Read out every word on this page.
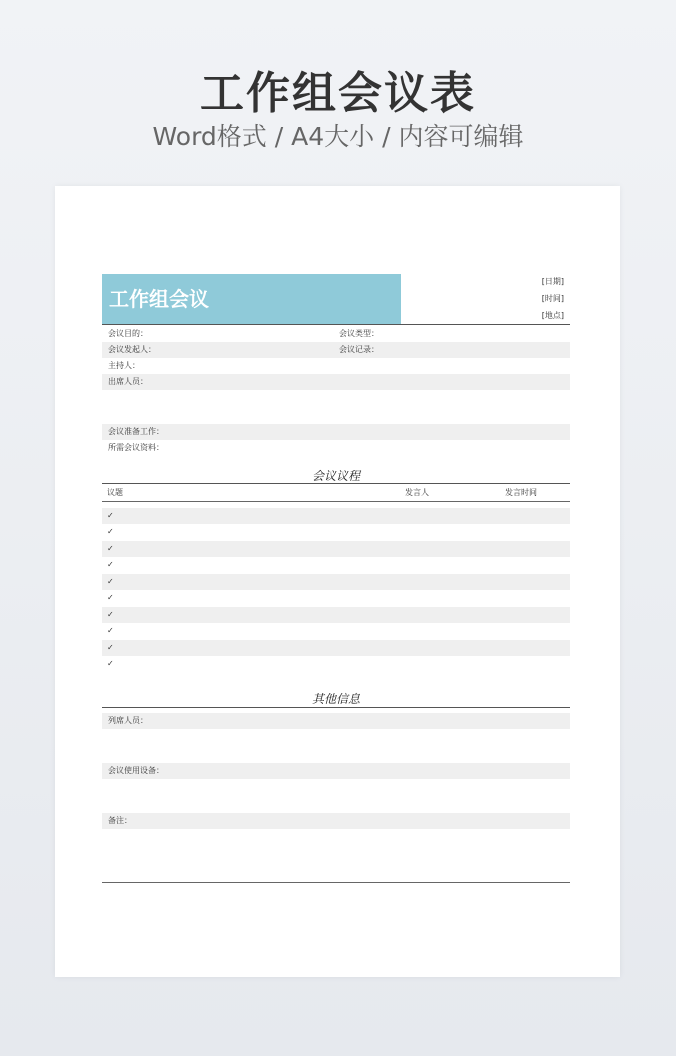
工作组会议表
Word格式 / A4大小 / 内容可编辑
工作组会议
[日期]
[时间]
[地点]
会议目的：	会议类型：
会议发起人：	会议记录：
主持人：
出席人员：
会议准备工作：
所需会议资料：
会议议程
议题	发言人	发言时间
✓
✓
✓
✓
✓
✓
✓
✓
✓
✓
其他信息
列席人员：
会议使用设备：
备注：
